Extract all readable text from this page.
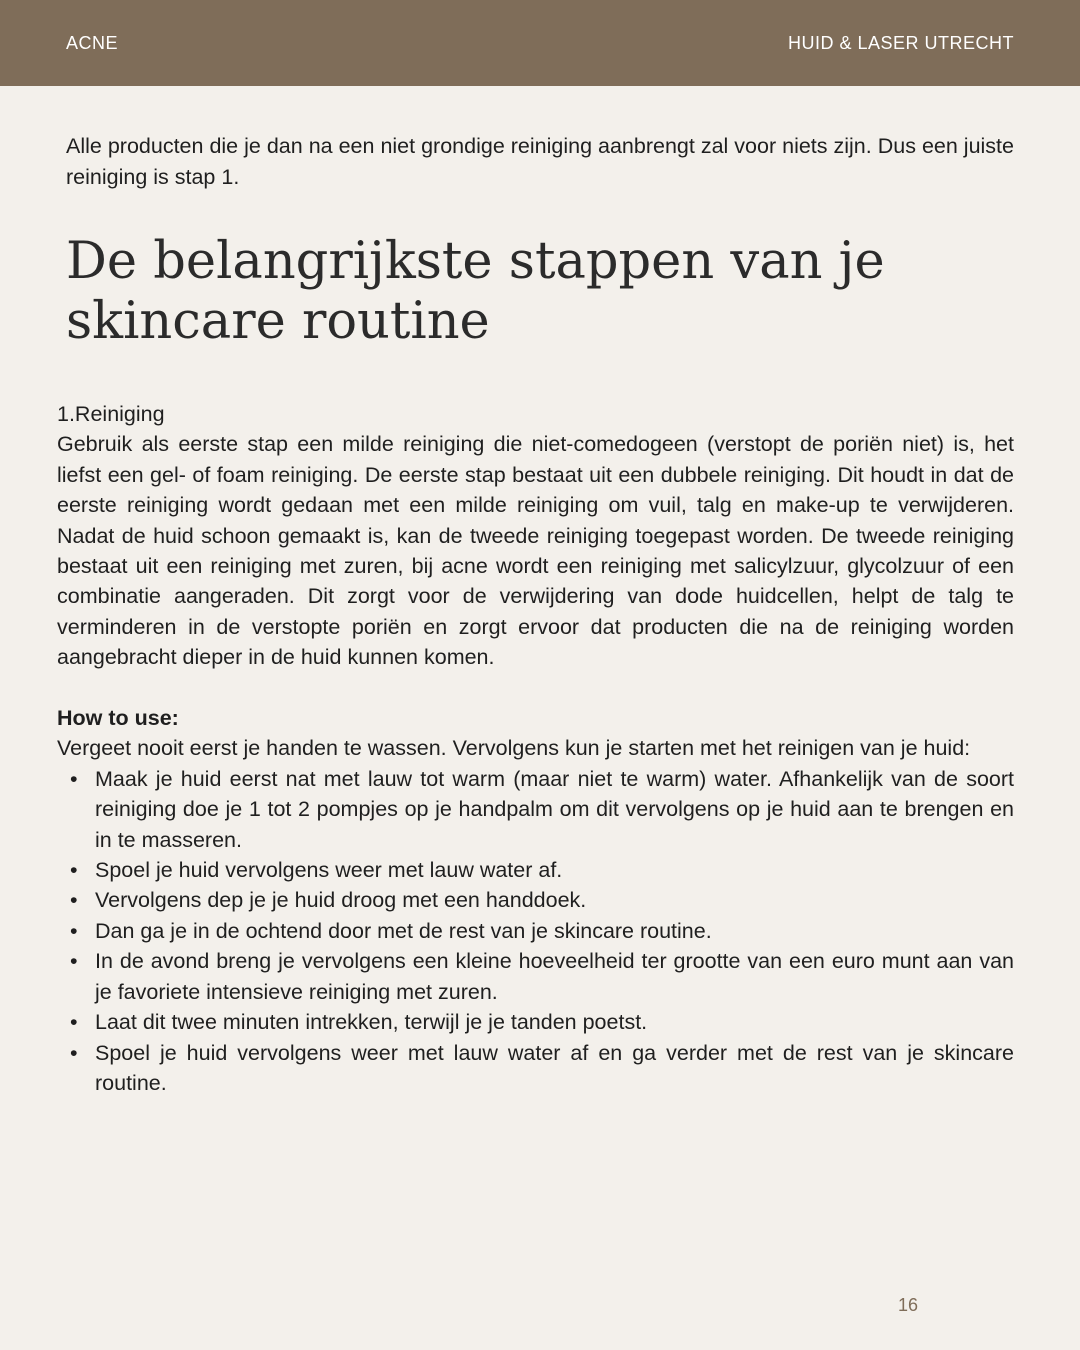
ACNE	HUID & LASER UTRECHT

Alle producten die je dan na een niet grondige reiniging aanbrengt zal voor niets zijn. Dus een juiste reiniging is stap 1.

De belangrijkste stappen van je skincare routine

1.Reiniging

Gebruik als eerste stap een milde reiniging die niet-comedogeen (verstopt de poriën niet) is, het liefst een gel- of foam reiniging. De eerste stap bestaat uit een dubbele reiniging. Dit houdt in dat de eerste reiniging wordt gedaan met een milde reiniging om vuil, talg en make-up te verwijderen. Nadat de huid schoon gemaakt is, kan de tweede reiniging toegepast worden. De tweede reiniging bestaat uit een reiniging met zuren, bij acne wordt een reiniging met salicylzuur, glycolzuur of een combinatie aangeraden. Dit zorgt voor de verwijdering van dode huidcellen, helpt de talg te verminderen in de verstopte poriën en zorgt ervoor dat producten die na de reiniging worden aangebracht dieper in de huid kunnen komen.

How to use:

Vergeet nooit eerst je handen te wassen. Vervolgens kun je starten met het reinigen van je huid:

• Maak je huid eerst nat met lauw tot warm (maar niet te warm) water. Afhankelijk van de soort reiniging doe je 1 tot 2 pompjes op je handpalm om dit vervolgens op je huid aan te brengen en in te masseren.
• Spoel je huid vervolgens weer met lauw water af.
• Vervolgens dep je je huid droog met een handdoek.
• Dan ga je in de ochtend door met de rest van je skincare routine.
• In de avond breng je vervolgens een kleine hoeveelheid ter grootte van een euro munt aan van je favoriete intensieve reiniging met zuren.
• Laat dit twee minuten intrekken, terwijl je je tanden poetst.
• Spoel je huid vervolgens weer met lauw water af en ga verder met de rest van je skincare routine.
16
